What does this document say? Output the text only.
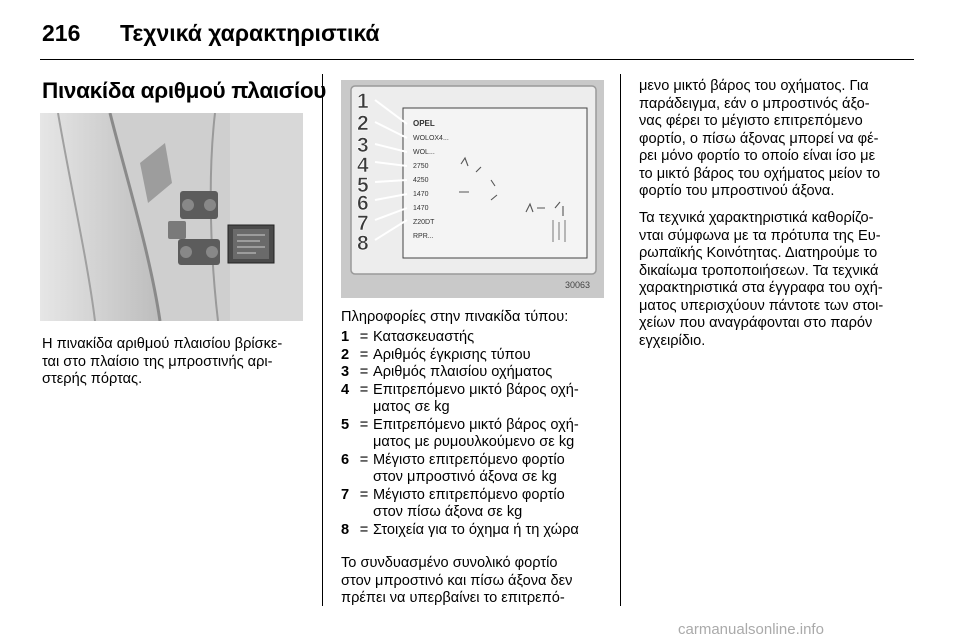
216 Τεχνικά χαρακτηριστικά
Πινακίδα αριθμού πλαισίου
Η πινακίδα αριθμού πλαισίου βρίσκε-
ται στο πλαίσιο της μπροστινής αρι-
στερής πόρτας.
OPEL
WOLOX4...
WOL...
2750
4250
1470
1470
Z20DT
RPR...
1
2
3
4
5
6
7
8
30063
Πληροφορίες στην πινακίδα τύπου:
1 = Κατασκευαστής
2 = Αριθμός έγκρισης τύπου
3 = Αριθμός πλαισίου οχήματος
4 = Επιτρεπόμενο μικτό βάρος οχή-
ματος σε kg
5 = Επιτρεπόμενο μικτό βάρος οχή-
ματος με ρυμουλκούμενο σε kg
6 = Μέγιστο επιτρεπόμενο φορτίο
στον μπροστινό άξονα σε kg
7 = Μέγιστο επιτρεπόμενο φορτίο
στον πίσω άξονα σε kg
8 = Στοιχεία για το όχημα ή τη χώρα
Το συνδυασμένο συνολικό φορτίο
στον μπροστινό και πίσω άξονα δεν
πρέπει να υπερβαίνει το επιτρεπό-
μενο μικτό βάρος του οχήματος. Για
παράδειγμα, εάν ο μπροστινός άξο-
νας φέρει το μέγιστο επιτρεπόμενο
φορτίο, ο πίσω άξονας μπορεί να φέ-
ρει μόνο φορτίο το οποίο είναι ίσο με
το μικτό βάρος του οχήματος μείον το
φορτίο του μπροστινού άξονα.
Τα τεχνικά χαρακτηριστικά καθορίζο-
νται σύμφωνα με τα πρότυπα της Ευ-
ρωπαϊκής Κοινότητας. Διατηρούμε το
δικαίωμα τροποποιήσεων. Τα τεχνικά
χαρακτηριστικά στα έγγραφα του οχή-
ματος υπερισχύουν πάντοτε των στοι-
χείων που αναγράφονται στο παρόν
εγχειρίδιο.
carmanualsonline.info
